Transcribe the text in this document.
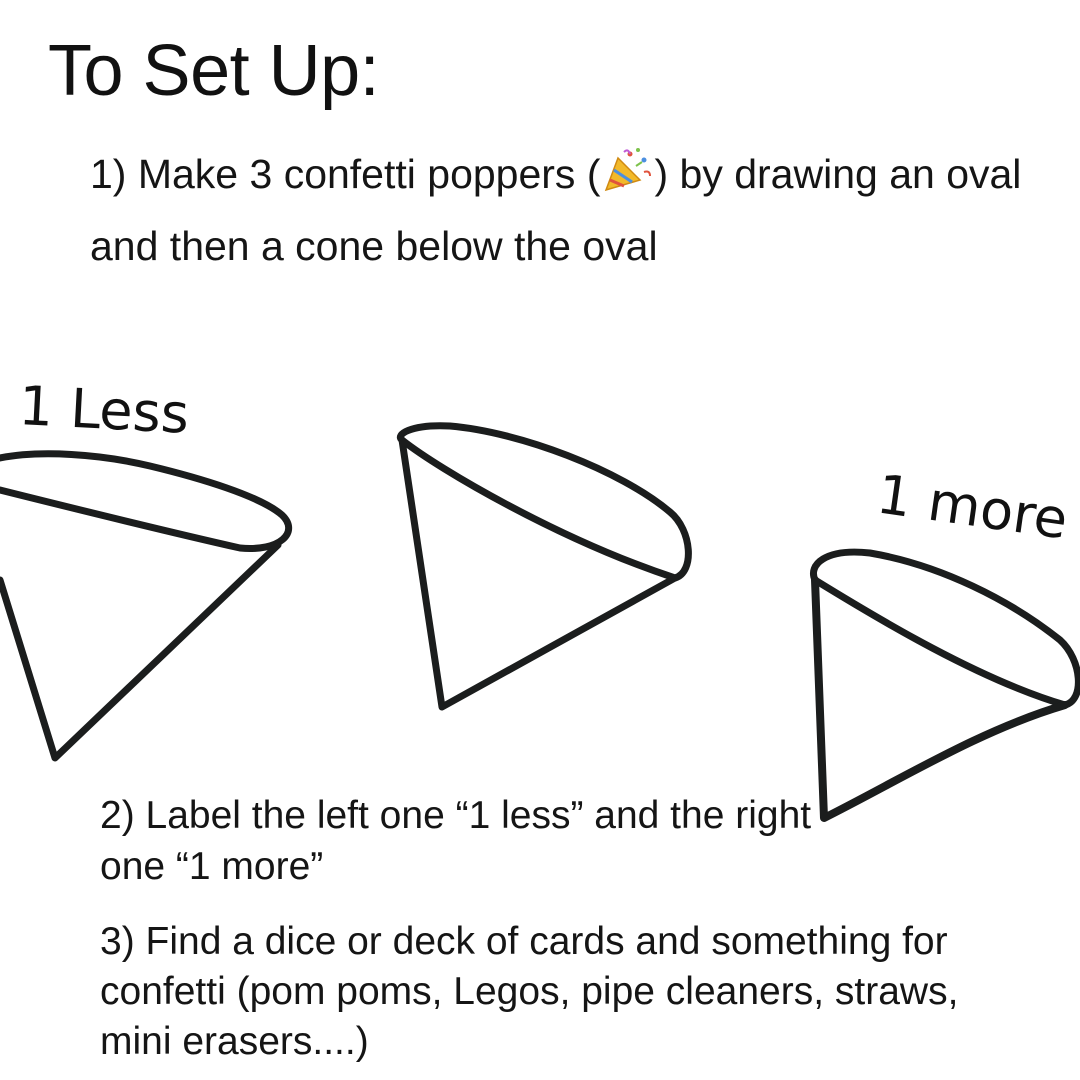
To Set Up:

1) Make 3 confetti poppers ( ) by drawing an oval and then a cone below the oval

1 Less
1 more

2) Label the left one “1 less” and the right one “1 more”

3) Find a dice or deck of cards and something for confetti (pom poms, Legos, pipe cleaners, straws, mini erasers....)
